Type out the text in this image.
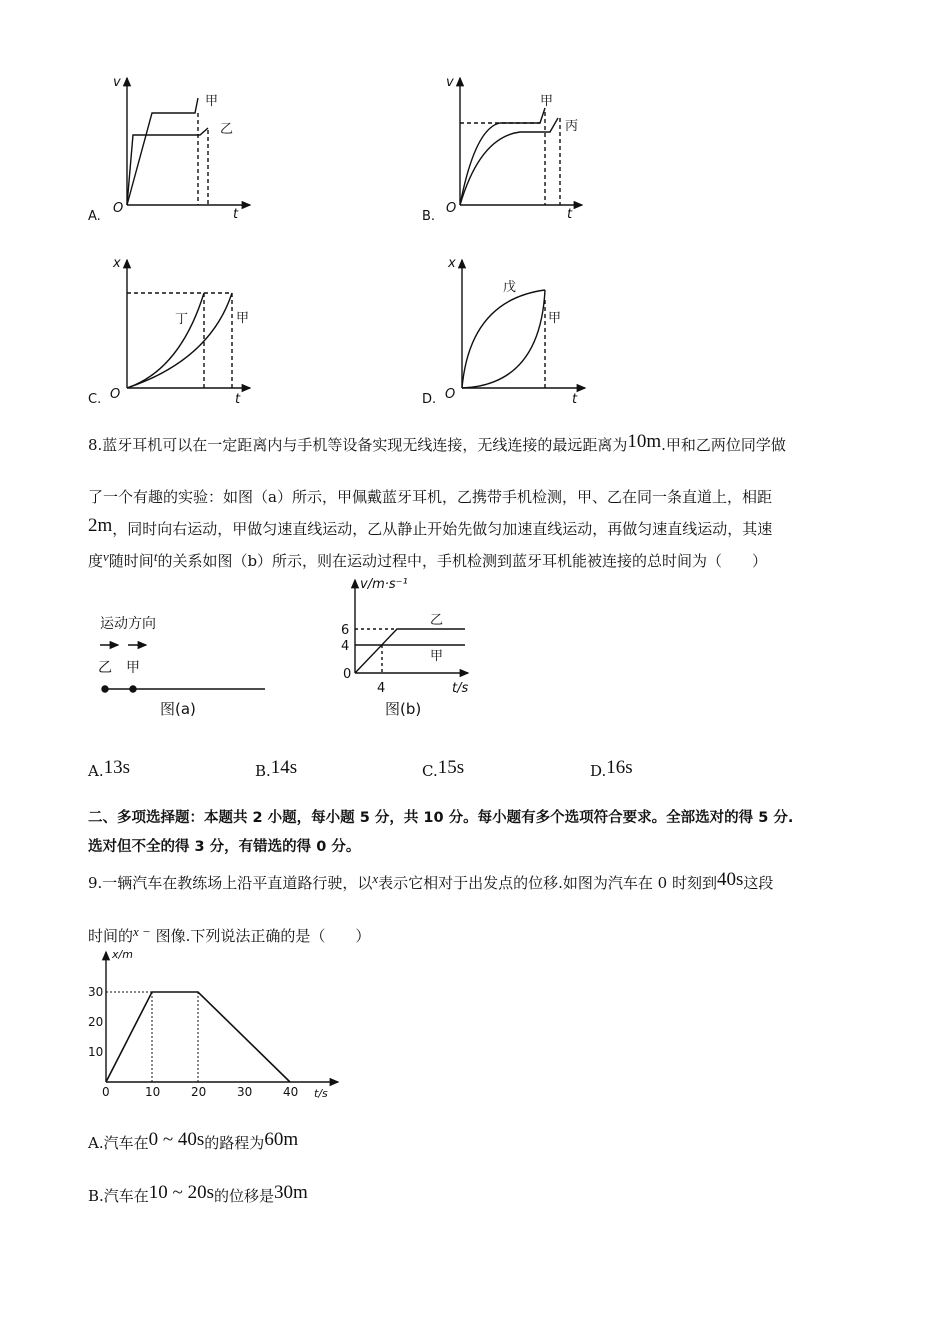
v
t
O
甲
乙
A.
v
t
O
甲
丙
B.
x
t
O
丁	甲
C.
x
t
O
戊
甲
D.
运动方向
乙 甲
图(a)
v/m·s⁻¹
t/s
6
4
0
4
乙
甲
图(b)
x/m
t/s
0	10	20	30	40
10
20
30
8.蓝牙耳机可以在一定距离内与手机等设备实现无线连接，无线连接的最远距离为10m.甲和乙两位同学做
了一个有趣的实验：如图（a）所示，甲佩戴蓝牙耳机，乙携带手机检测，甲、乙在同一条直道上，相距
2m，同时向右运动，甲做匀速直线运动，乙从静止开始先做匀加速直线运动，再做匀速直线运动，其速
度v随时间t的关系如图（b）所示，则在运动过程中，手机检测到蓝牙耳机能被连接的总时间为（　　）
A.13s	B.14s	C.15s	D.16s
二、多项选择题：本题共 2 小题，每小题 5 分，共 10 分。每小题有多个选项符合要求。全部选对的得 5 分.
选对但不全的得 3 分，有错选的得 0 分。
9.一辆汽车在教练场上沿平直道路行驶，以x表示它相对于出发点的位移.如图为汽车在 0 时刻到40s这段
时间的x − 图像.下列说法正确的是（　　）
A.汽车在0 ~ 40s的路程为60m
B.汽车在10 ~ 20s的位移是30m
